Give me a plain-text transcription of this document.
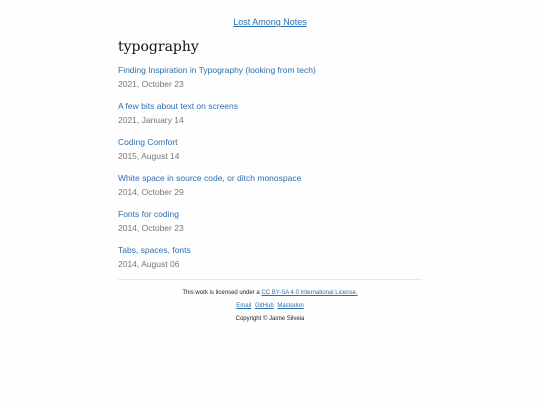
Lost Among Notes
typography
Finding Inspiration in Typography (looking from tech)
2021, October 23
A few bits about text on screens
2021, January 14
Coding Comfort
2015, August 14
White space in source code, or ditch monospace
2014, October 29
Fonts for coding
2014, October 23
Tabs, spaces, fonts
2014, August 06
This work is licensed under a CC BY-SA 4.0 International License.
Email GitHub Mastodon
Copyright © Jaime Silveia
